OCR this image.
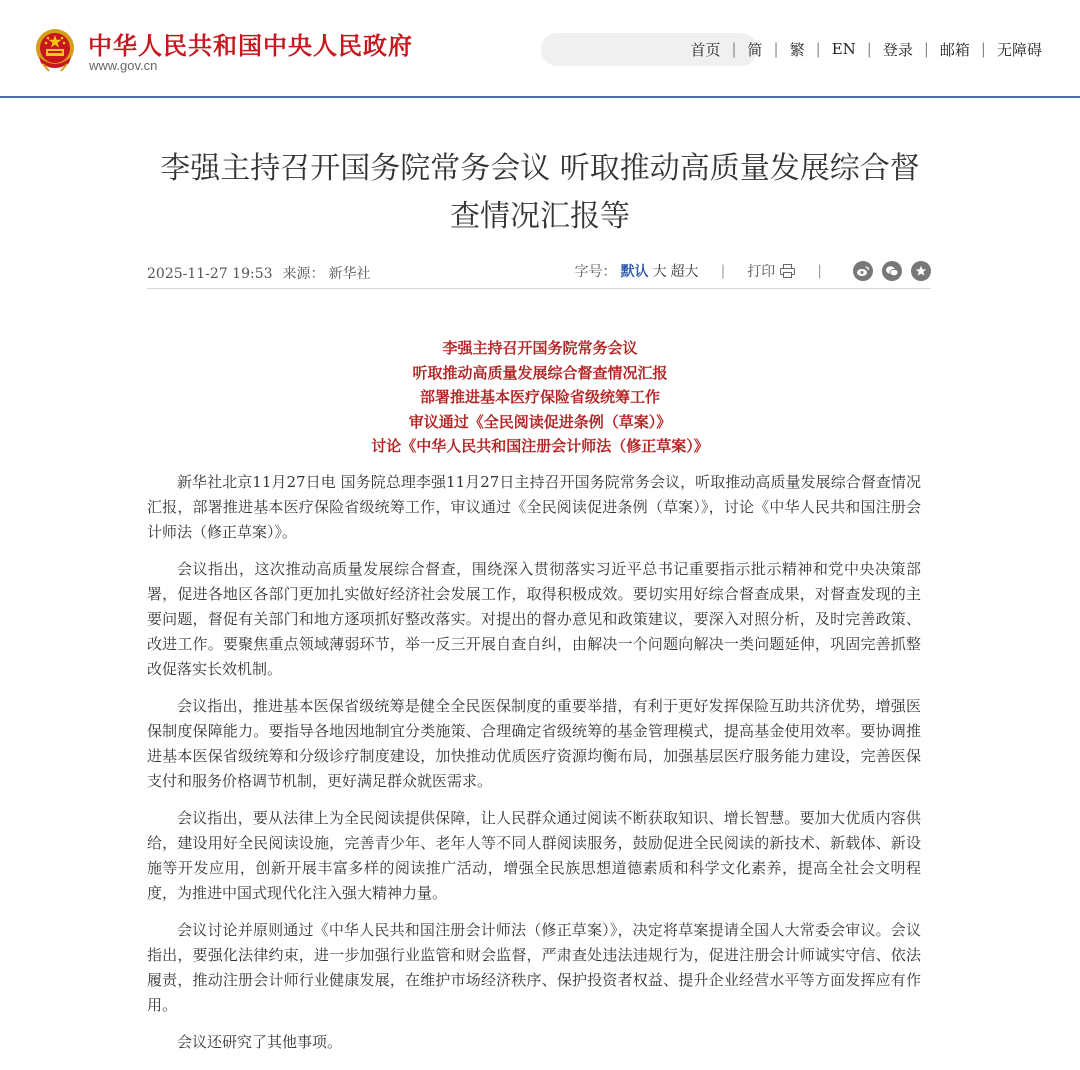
中华人民共和国中央人民政府
www.gov.cn
首页 | 简 | 繁 | EN | 登录 | 邮箱 | 无障碍
李强主持召开国务院常务会议 听取推动高质量发展综合督查情况汇报等
2025-11-27 19:53 来源： 新华社	字号： 默认 大 超大 | 打印	|
李强主持召开国务院常务会议
听取推动高质量发展综合督查情况汇报
部署推进基本医疗保险省级统筹工作
审议通过《全民阅读促进条例（草案）》
讨论《中华人民共和国注册会计师法（修正草案）》

新华社北京11月27日电 国务院总理李强11月27日主持召开国务院常务会议，听取推动高质量发展综合督查情况汇报，部署推进基本医疗保险省级统筹工作，审议通过《全民阅读促进条例（草案）》，讨论《中华人民共和国注册会计师法（修正草案）》。

会议指出，这次推动高质量发展综合督查，围绕深入贯彻落实习近平总书记重要指示批示精神和党中央决策部署，促进各地区各部门更加扎实做好经济社会发展工作，取得积极成效。要切实用好综合督查成果，对督查发现的主要问题，督促有关部门和地方逐项抓好整改落实。对提出的督办意见和政策建议，要深入对照分析，及时完善政策、改进工作。要聚焦重点领域薄弱环节，举一反三开展自查自纠，由解决一个问题向解决一类问题延伸，巩固完善抓整改促落实长效机制。

会议指出，推进基本医保省级统筹是健全全民医保制度的重要举措，有利于更好发挥保险互助共济优势，增强医保制度保障能力。要指导各地因地制宜分类施策、合理确定省级统筹的基金管理模式，提高基金使用效率。要协调推进基本医保省级统筹和分级诊疗制度建设，加快推动优质医疗资源均衡布局，加强基层医疗服务能力建设，完善医保支付和服务价格调节机制，更好满足群众就医需求。

会议指出，要从法律上为全民阅读提供保障，让人民群众通过阅读不断获取知识、增长智慧。要加大优质内容供给，建设用好全民阅读设施，完善青少年、老年人等不同人群阅读服务，鼓励促进全民阅读的新技术、新载体、新设施等开发应用，创新开展丰富多样的阅读推广活动，增强全民族思想道德素质和科学文化素养，提高全社会文明程度，为推进中国式现代化注入强大精神力量。

会议讨论并原则通过《中华人民共和国注册会计师法（修正草案）》，决定将草案提请全国人大常委会审议。会议指出，要强化法律约束，进一步加强行业监管和财会监督，严肃查处违法违规行为，促进注册会计师诚实守信、依法履责，推动注册会计师行业健康发展，在维护市场经济秩序、保护投资者权益、提升企业经营水平等方面发挥应有作用。

会议还研究了其他事项。
